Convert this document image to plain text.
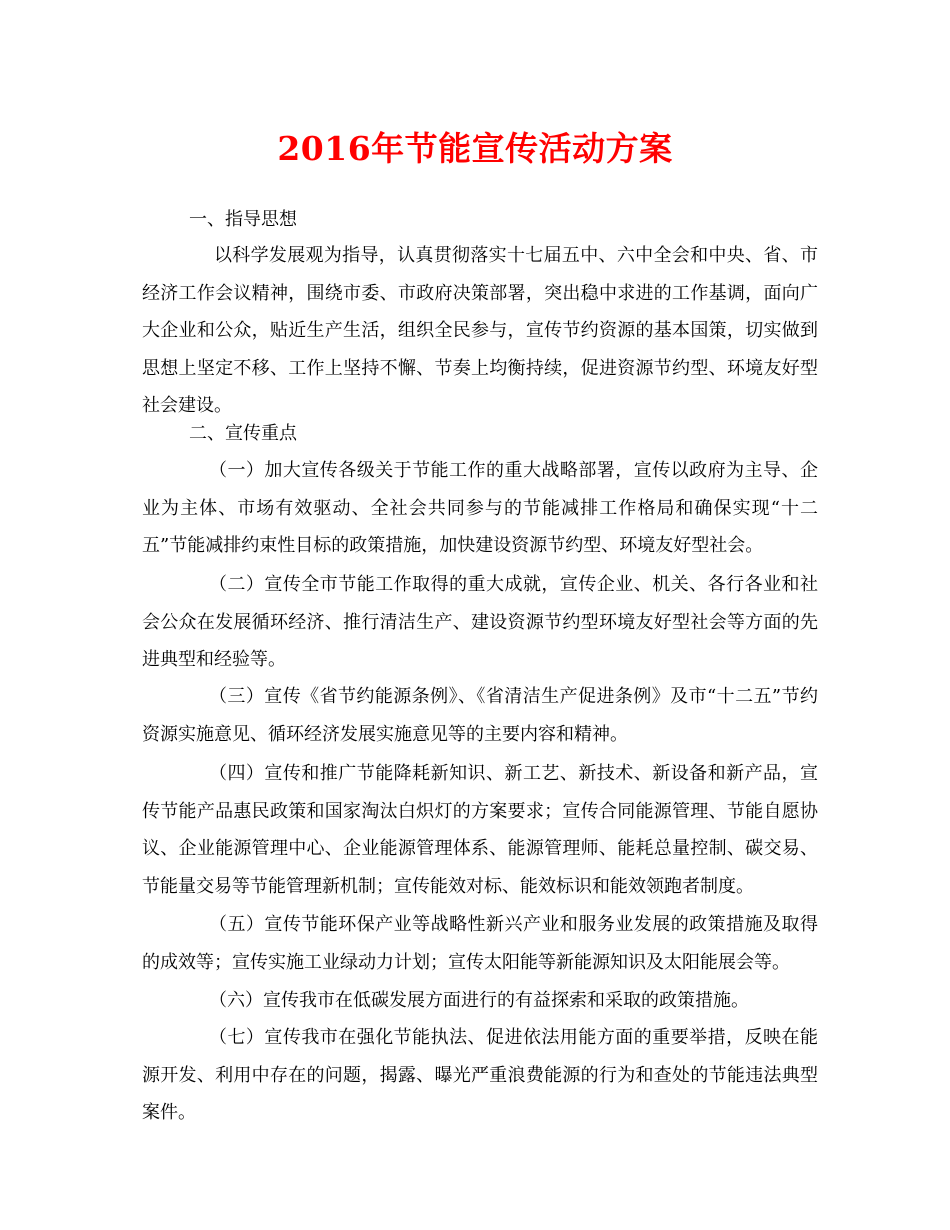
2016年节能宣传活动方案
一、指导思想

以科学发展观为指导，认真贯彻落实十七届五中、六中全会和中央、省、市经济工作会议精神，围绕市委、市政府决策部署，突出稳中求进的工作基调，面向广大企业和公众，贴近生产生活，组织全民参与，宣传节约资源的基本国策，切实做到思想上坚定不移、工作上坚持不懈、节奏上均衡持续，促进资源节约型、环境友好型社会建设。

二、宣传重点

（一）加大宣传各级关于节能工作的重大战略部署，宣传以政府为主导、企业为主体、市场有效驱动、全社会共同参与的节能减排工作格局和确保实现“十二五”节能减排约束性目标的政策措施，加快建设资源节约型、环境友好型社会。

（二）宣传全市节能工作取得的重大成就，宣传企业、机关、各行各业和社会公众在发展循环经济、推行清洁生产、建设资源节约型环境友好型社会等方面的先进典型和经验等。

（三）宣传《省节约能源条例》、《省清洁生产促进条例》及市“十二五”节约资源实施意见、循环经济发展实施意见等的主要内容和精神。

（四）宣传和推广节能降耗新知识、新工艺、新技术、新设备和新产品，宣传节能产品惠民政策和国家淘汰白炽灯的方案要求；宣传合同能源管理、节能自愿协议、企业能源管理中心、企业能源管理体系、能源管理师、能耗总量控制、碳交易、节能量交易等节能管理新机制；宣传能效对标、能效标识和能效领跑者制度。

（五）宣传节能环保产业等战略性新兴产业和服务业发展的政策措施及取得的成效等；宣传实施工业绿动力计划；宣传太阳能等新能源知识及太阳能展会等。

（六）宣传我市在低碳发展方面进行的有益探索和采取的政策措施。

（七）宣传我市在强化节能执法、促进依法用能方面的重要举措，反映在能源开发、利用中存在的问题，揭露、曝光严重浪费能源的行为和查处的节能违法典型案件。
